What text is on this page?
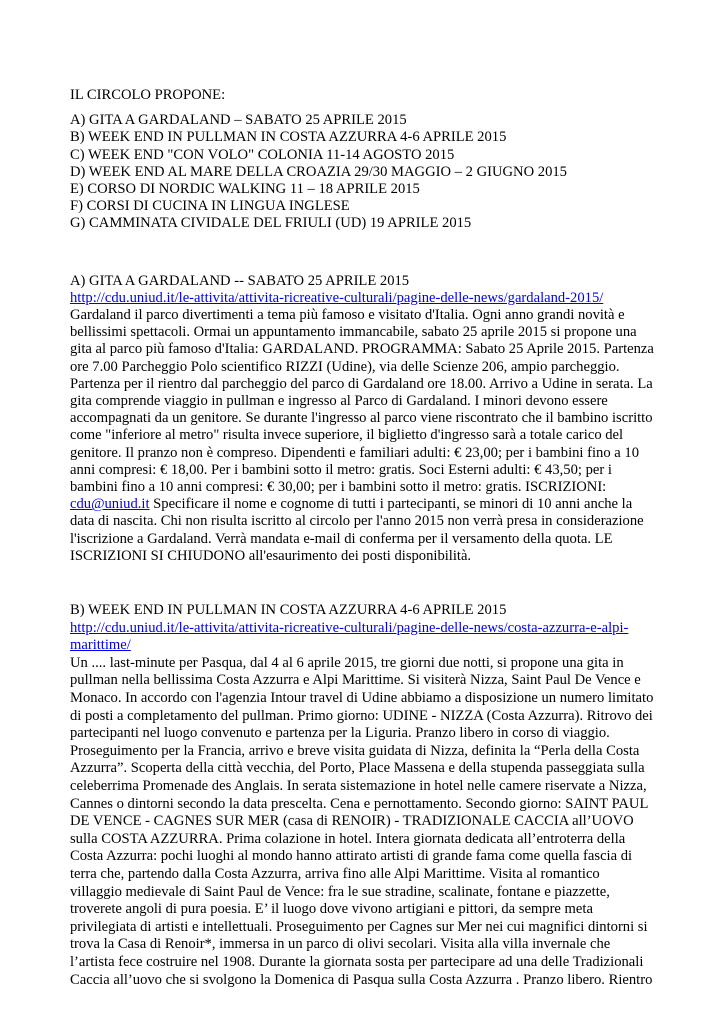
IL CIRCOLO PROPONE:

A) GITA A GARDALAND – SABATO 25 APRILE 2015

B) WEEK END IN PULLMAN IN COSTA AZZURRA 4-6 APRILE 2015

C) WEEK END "CON VOLO" COLONIA 11-14 AGOSTO 2015

D) WEEK END AL MARE DELLA CROAZIA 29/30 MAGGIO – 2 GIUGNO 2015

E) CORSO DI NORDIC WALKING 11 – 18 APRILE 2015

F) CORSI DI CUCINA IN LINGUA INGLESE

G) CAMMINATA CIVIDALE DEL FRIULI (UD) 19 APRILE 2015

A) GITA A GARDALAND -- SABATO 25 APRILE 2015

http://cdu.uniud.it/le-attivita/attivita-ricreative-culturali/pagine-delle-news/gardaland-2015/

Gardaland il parco divertimenti a tema più famoso e visitato d'Italia. Ogni anno grandi novità e

bellissimi spettacoli. Ormai un appuntamento immancabile, sabato 25 aprile 2015 si propone una

gita al parco più famoso d'Italia: GARDALAND. PROGRAMMA: Sabato 25 Aprile 2015. Partenza

ore 7.00 Parcheggio Polo scientifico RIZZI (Udine), via delle Scienze 206, ampio parcheggio.

Partenza per il rientro dal parcheggio del parco di Gardaland ore 18.00. Arrivo a Udine in serata. La

gita comprende viaggio in pullman e ingresso al Parco di Gardaland. I minori devono essere

accompagnati da un genitore. Se durante l'ingresso al parco viene riscontrato che il bambino iscritto

come "inferiore al metro" risulta invece superiore, il biglietto d'ingresso sarà a totale carico del

genitore. Il pranzo non è compreso. Dipendenti e familiari adulti: € 23,00; per i bambini fino a 10

anni compresi: € 18,00. Per i bambini sotto il metro: gratis. Soci Esterni adulti: € 43,50; per i

bambini fino a 10 anni compresi: € 30,00; per i bambini sotto il metro: gratis. ISCRIZIONI:

cdu@uniud.it Specificare il nome e cognome di tutti i partecipanti, se minori di 10 anni anche la

data di nascita. Chi non risulta iscritto al circolo per l'anno 2015 non verrà presa in considerazione

l'iscrizione a Gardaland. Verrà mandata e-mail di conferma per il versamento della quota. LE

ISCRIZIONI SI CHIUDONO all'esaurimento dei posti disponibilità.

B) WEEK END IN PULLMAN IN COSTA AZZURRA 4-6 APRILE 2015

http://cdu.uniud.it/le-attivita/attivita-ricreative-culturali/pagine-delle-news/costa-azzurra-e-alpi-

marittime/

Un .... last-minute per Pasqua, dal 4 al 6 aprile 2015, tre giorni due notti, si propone una gita in

pullman nella bellissima Costa Azzurra e Alpi Marittime. Si visiterà Nizza, Saint Paul De Vence e

Monaco. In accordo con l'agenzia Intour travel di Udine abbiamo a disposizione un numero limitato

di posti a completamento del pullman. Primo giorno: UDINE - NIZZA (Costa Azzurra). Ritrovo dei

partecipanti nel luogo convenuto e partenza per la Liguria. Pranzo libero in corso di viaggio.

Proseguimento per la Francia, arrivo e breve visita guidata di Nizza, definita la “Perla della Costa

Azzurra”. Scoperta della città vecchia, del Porto, Place Massena e della stupenda passeggiata sulla

celeberrima Promenade des Anglais. In serata sistemazione in hotel nelle camere riservate a Nizza,

Cannes o dintorni secondo la data prescelta. Cena e pernottamento. Secondo giorno: SAINT PAUL

DE VENCE - CAGNES SUR MER (casa di RENOIR) - TRADIZIONALE CACCIA all’UOVO

sulla COSTA AZZURRA. Prima colazione in hotel. Intera giornata dedicata all’entroterra della

Costa Azzurra: pochi luoghi al mondo hanno attirato artisti di grande fama come quella fascia di

terra che, partendo dalla Costa Azzurra, arriva fino alle Alpi Marittime. Visita al romantico

villaggio medievale di Saint Paul de Vence: fra le sue stradine, scalinate, fontane e piazzette,

troverete angoli di pura poesia. E’ il luogo dove vivono artigiani e pittori, da sempre meta

privilegiata di artisti e intellettuali. Proseguimento per Cagnes sur Mer nei cui magnifici dintorni si

trova la Casa di Renoir*, immersa in un parco di olivi secolari. Visita alla villa invernale che

l’artista fece costruire nel 1908. Durante la giornata sosta per partecipare ad una delle Tradizionali

Caccia all’uovo che si svolgono la Domenica di Pasqua sulla Costa Azzurra . Pranzo libero. Rientro
